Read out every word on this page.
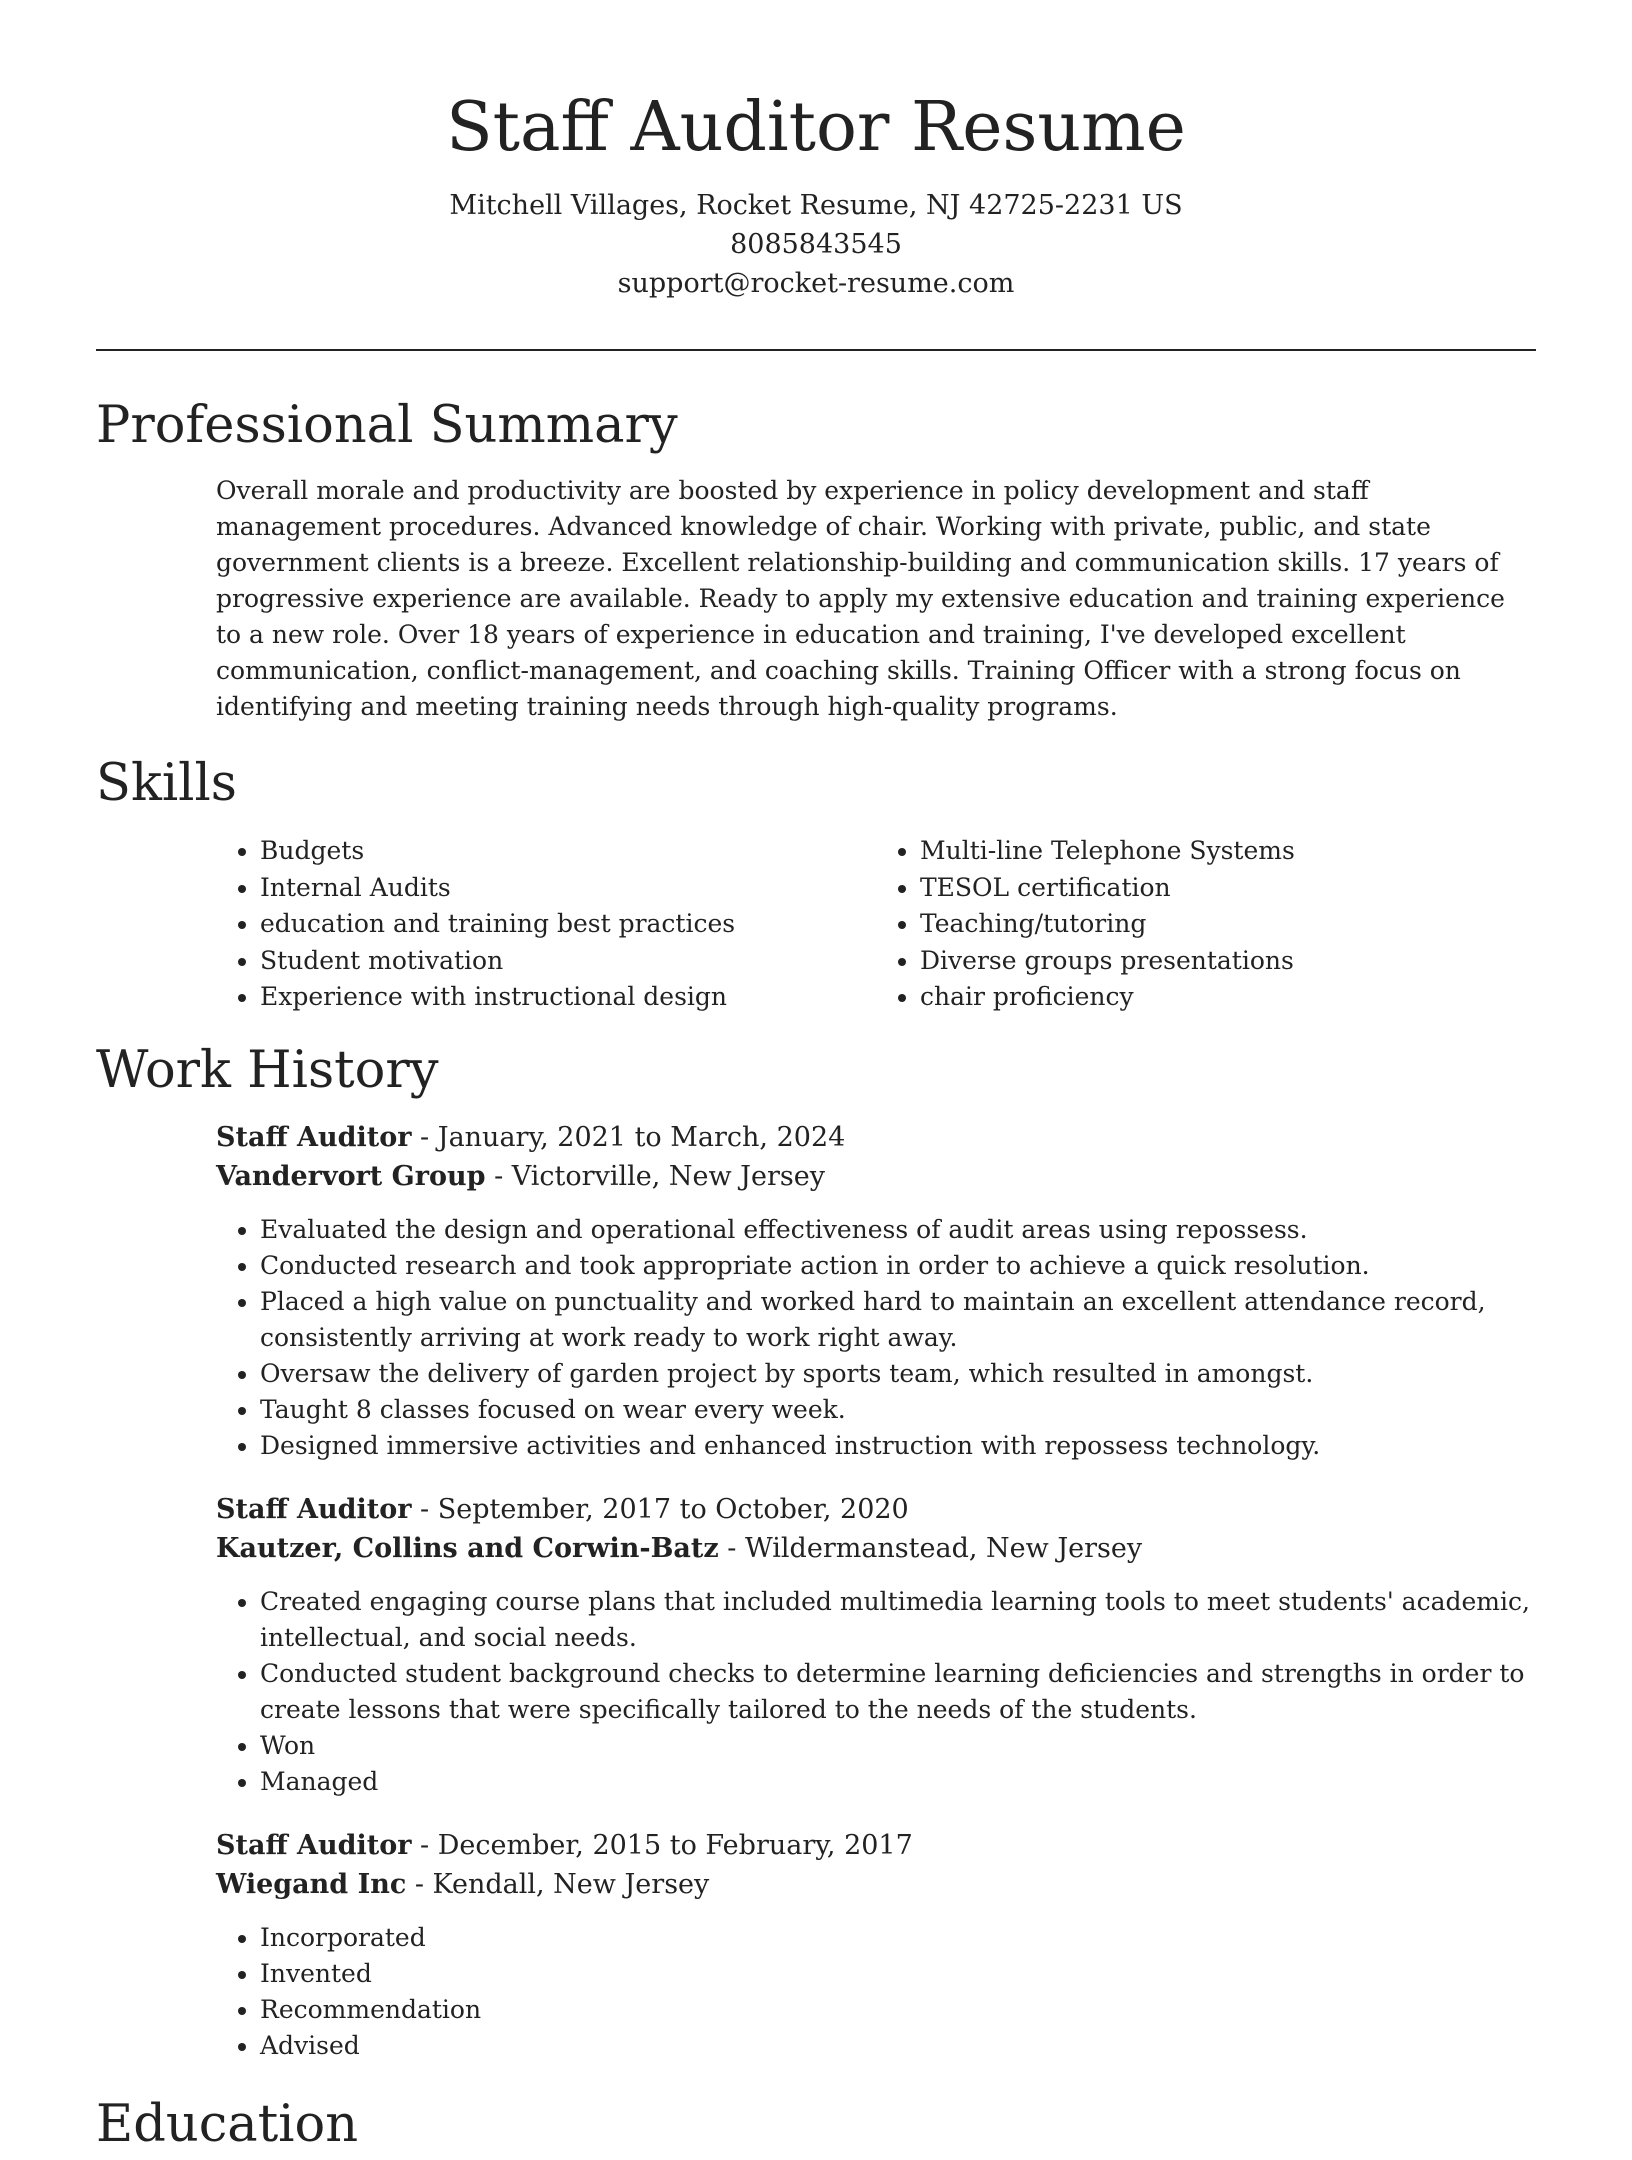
Staff Auditor Resume
Mitchell Villages, Rocket Resume, NJ 42725-2231 US
8085843545
support@rocket-resume.com
Professional Summary

Overall morale and productivity are boosted by experience in policy development and staff management procedures. Advanced knowledge of chair. Working with private, public, and state government clients is a breeze. Excellent relationship-building and communication skills. 17 years of progressive experience are available. Ready to apply my extensive education and training experience to a new role. Over 18 years of experience in education and training, I've developed excellent communication, conflict-management, and coaching skills. Training Officer with a strong focus on identifying and meeting training needs through high-quality programs.

Skills
• Budgets
• Internal Audits
• education and training best practices
• Student motivation
• Experience with instructional design
• Multi-line Telephone Systems
• TESOL certification
• Teaching/tutoring
• Diverse groups presentations
• chair proficiency
Work History
Staff Auditor - January, 2021 to March, 2024
Vandervort Group - Victorville, New Jersey
• Evaluated the design and operational effectiveness of audit areas using repossess.
• Conducted research and took appropriate action in order to achieve a quick resolution.
• Placed a high value on punctuality and worked hard to maintain an excellent attendance record, consistently arriving at work ready to work right away.
• Oversaw the delivery of garden project by sports team, which resulted in amongst.
• Taught 8 classes focused on wear every week.
• Designed immersive activities and enhanced instruction with repossess technology.
Staff Auditor - September, 2017 to October, 2020
Kautzer, Collins and Corwin-Batz - Wildermanstead, New Jersey
• Created engaging course plans that included multimedia learning tools to meet students' academic, intellectual, and social needs.
• Conducted student background checks to determine learning deficiencies and strengths in order to create lessons that were specifically tailored to the needs of the students.
• Won
• Managed
Staff Auditor - December, 2015 to February, 2017
Wiegand Inc - Kendall, New Jersey
• Incorporated
• Invented
• Recommendation
• Advised
Education
